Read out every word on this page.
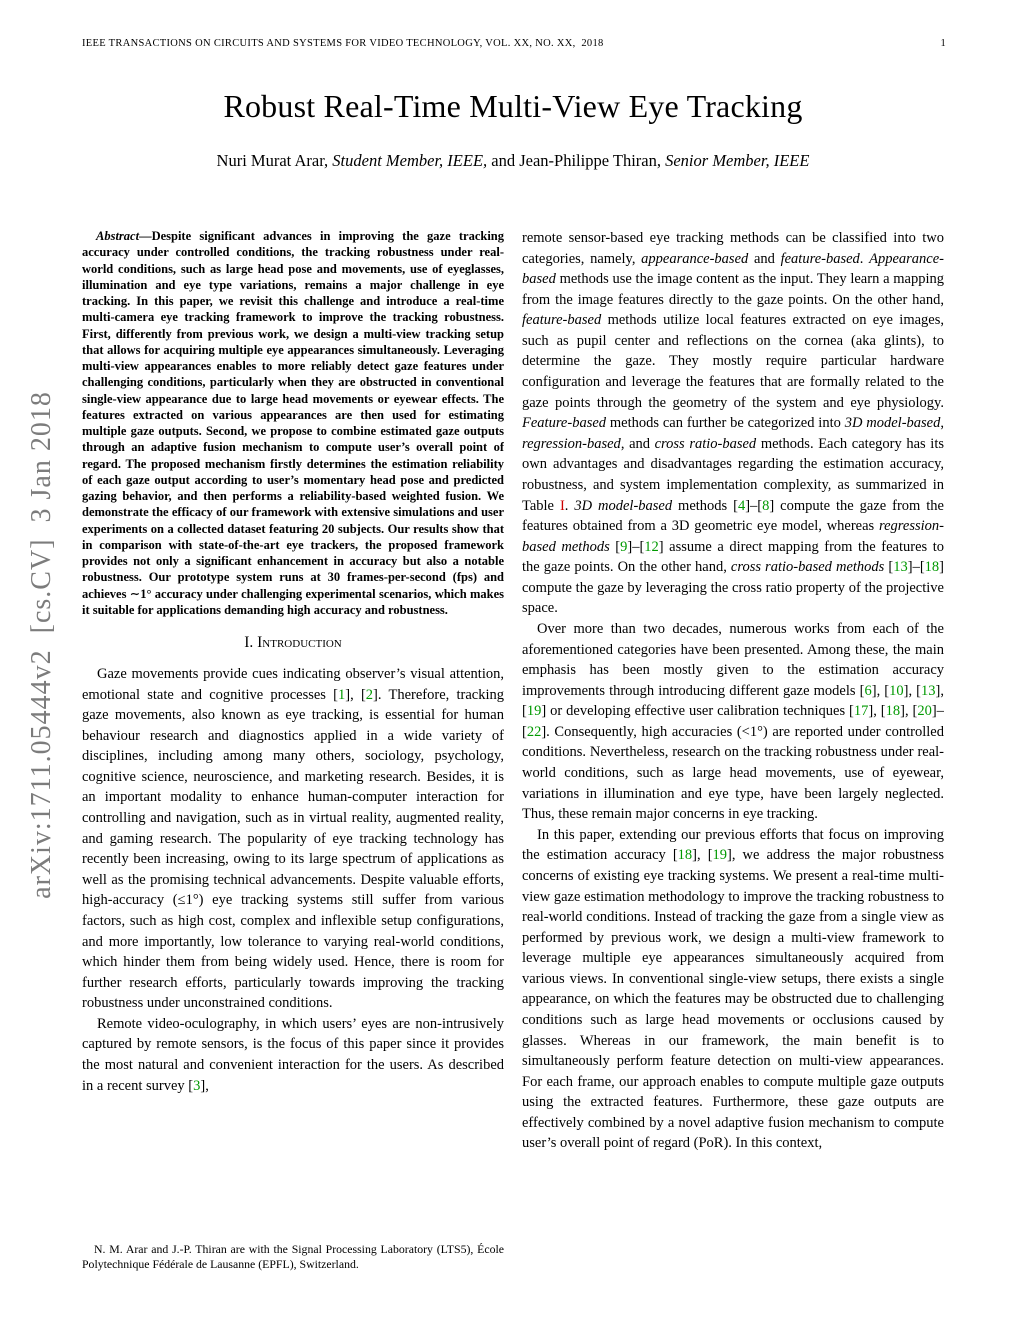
IEEE TRANSACTIONS ON CIRCUITS AND SYSTEMS FOR VIDEO TECHNOLOGY, VOL. XX, NO. XX,  2018	1
Robust Real-Time Multi-View Eye Tracking
Nuri Murat Arar, Student Member, IEEE, and Jean-Philippe Thiran, Senior Member, IEEE
arXiv:1711.05444v2  [cs.CV]  3 Jan 2018

Abstract—Despite significant advances in improving the gaze tracking accuracy under controlled conditions, the tracking robustness under real-world conditions, such as large head pose and movements, use of eyeglasses, illumination and eye type variations, remains a major challenge in eye tracking. In this paper, we revisit this challenge and introduce a real-time multi-camera eye tracking framework to improve the tracking robustness. First, differently from previous work, we design a multi-view tracking setup that allows for acquiring multiple eye appearances simultaneously. Leveraging multi-view appearances enables to more reliably detect gaze features under challenging conditions, particularly when they are obstructed in conventional single-view appearance due to large head movements or eyewear effects. The features extracted on various appearances are then used for estimating multiple gaze outputs. Second, we propose to combine estimated gaze outputs through an adaptive fusion mechanism to compute user’s overall point of regard. The proposed mechanism firstly determines the estimation reliability of each gaze output according to user’s momentary head pose and predicted gazing behavior, and then performs a reliability-based weighted fusion. We demonstrate the efficacy of our framework with extensive simulations and user experiments on a collected dataset featuring 20 subjects. Our results show that in comparison with state-of-the-art eye trackers, the proposed framework provides not only a significant enhancement in accuracy but also a notable robustness. Our prototype system runs at 30 frames-per-second (fps) and achieves ∼1° accuracy under challenging experimental scenarios, which makes it suitable for applications demanding high accuracy and robustness.

I. Introduction

Gaze movements provide cues indicating observer’s visual attention, emotional state and cognitive processes [1], [2]. Therefore, tracking gaze movements, also known as eye tracking, is essential for human behaviour research and diagnostics applied in a wide variety of disciplines, including among many others, sociology, psychology, cognitive science, neuroscience, and marketing research. Besides, it is an important modality to enhance human-computer interaction for controlling and navigation, such as in virtual reality, augmented reality, and gaming research. The popularity of eye tracking technology has recently been increasing, owing to its large spectrum of applications as well as the promising technical advancements. Despite valuable efforts, high-accuracy (≤1°) eye tracking systems still suffer from various factors, such as high cost, complex and inflexible setup configurations, and more importantly, low tolerance to varying real-world conditions, which hinder them from being widely used. Hence, there is room for further research efforts, particularly towards improving the tracking robustness under unconstrained conditions.

Remote video-oculography, in which users’ eyes are non-intrusively captured by remote sensors, is the focus of this paper since it provides the most natural and convenient interaction for the users. As described in a recent survey [3],

N. M. Arar and J.-P. Thiran are with the Signal Processing Laboratory (LTS5), École Polytechnique Fédérale de Lausanne (EPFL), Switzerland.

remote sensor-based eye tracking methods can be classified into two categories, namely, appearance-based and feature-based. Appearance-based methods use the image content as the input. They learn a mapping from the image features directly to the gaze points. On the other hand, feature-based methods utilize local features extracted on eye images, such as pupil center and reflections on the cornea (aka glints), to determine the gaze. They mostly require particular hardware configuration and leverage the features that are formally related to the gaze points through the geometry of the system and eye physiology. Feature-based methods can further be categorized into 3D model-based, regression-based, and cross ratio-based methods. Each category has its own advantages and disadvantages regarding the estimation accuracy, robustness, and system implementation complexity, as summarized in Table I. 3D model-based methods [4]–[8] compute the gaze from the features obtained from a 3D geometric eye model, whereas regression-based methods [9]–[12] assume a direct mapping from the features to the gaze points. On the other hand, cross ratio-based methods [13]–[18] compute the gaze by leveraging the cross ratio property of the projective space.

Over more than two decades, numerous works from each of the aforementioned categories have been presented. Among these, the main emphasis has been mostly given to the estimation accuracy improvements through introducing different gaze models [6], [10], [13], [19] or developing effective user calibration techniques [17], [18], [20]–[22]. Consequently, high accuracies (<1°) are reported under controlled conditions. Nevertheless, research on the tracking robustness under real-world conditions, such as large head movements, use of eyewear, variations in illumination and eye type, have been largely neglected. Thus, these remain major concerns in eye tracking.

In this paper, extending our previous efforts that focus on improving the estimation accuracy [18], [19], we address the major robustness concerns of existing eye tracking systems. We present a real-time multi-view gaze estimation methodology to improve the tracking robustness to real-world conditions. Instead of tracking the gaze from a single view as performed by previous work, we design a multi-view framework to leverage multiple eye appearances simultaneously acquired from various views. In conventional single-view setups, there exists a single appearance, on which the features may be obstructed due to challenging conditions such as large head movements or occlusions caused by glasses. Whereas in our framework, the main benefit is to simultaneously perform feature detection on multi-view appearances. For each frame, our approach enables to compute multiple gaze outputs using the extracted features. Furthermore, these gaze outputs are effectively combined by a novel adaptive fusion mechanism to compute user’s overall point of regard (PoR). In this context,
